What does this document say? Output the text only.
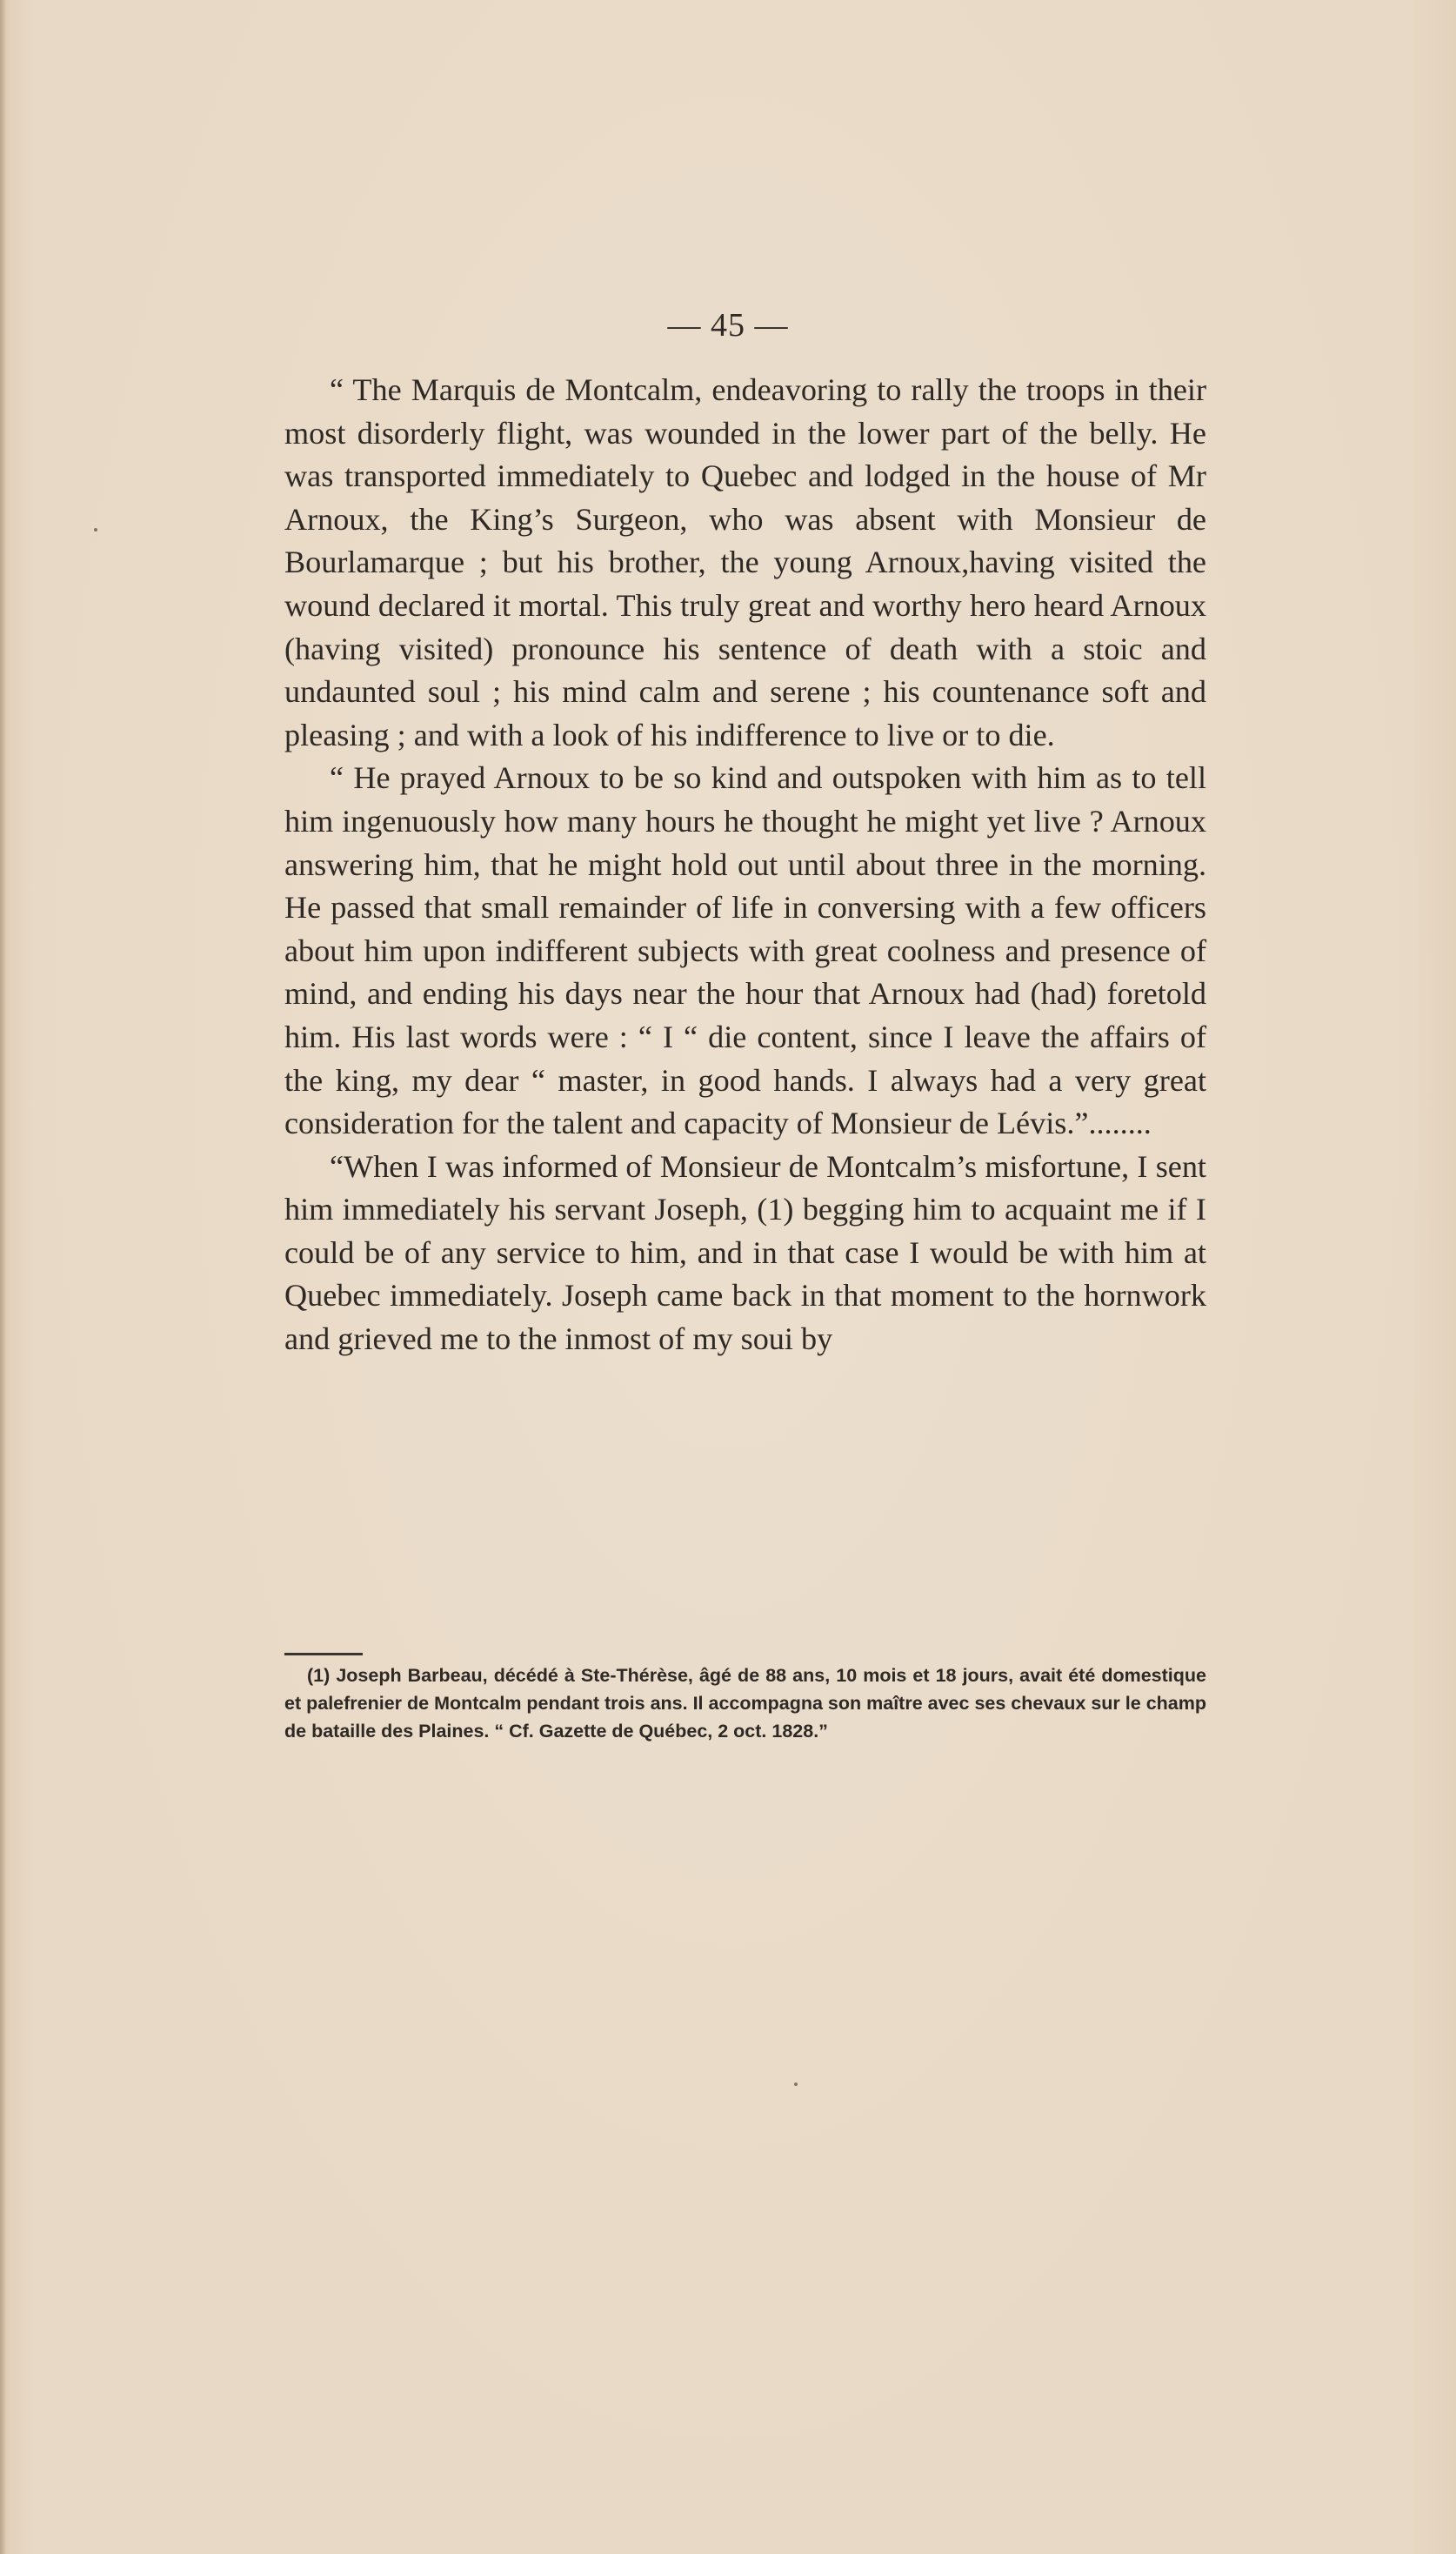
— 45 —

“ The Marquis de Montcalm, endeavoring to rally the troops in their most disorderly flight, was wounded in the lower part of the belly. He was transported immediately to Quebec and lodged in the house of Mr Arnoux, the King’s Surgeon, who was absent with Monsieur de Bourlamarque ; but his brother, the young Arnoux,having visited the wound declared it mortal. This truly great and worthy hero heard Arnoux (having visited) pronounce his sentence of death with a stoic and undaunted soul ; his mind calm and serene ; his countenance soft and pleasing ; and with a look of his indifference to live or to die.

“ He prayed Arnoux to be so kind and outspoken with him as to tell him ingenuously how many hours he thought he might yet live ? Arnoux answering him, that he might hold out until about three in the morning. He passed that small remainder of life in conversing with a few officers about him upon indifferent subjects with great coolness and presence of mind, and ending his days near the hour that Arnoux had (had) foretold him. His last words were : “ I “ die content, since I leave the affairs of the king, my dear “ master, in good hands. I always had a very great consideration for the talent and capacity of Monsieur de Lévis.”........

“When I was informed of Monsieur de Montcalm’s misfortune, I sent him immediately his servant Joseph, (1) begging him to acquaint me if I could be of any service to him, and in that case I would be with him at Quebec immediately. Joseph came back in that moment to the hornwork and grieved me to the inmost of my soui by

(1) Joseph Barbeau, décédé à Ste-Thérèse, âgé de 88 ans, 10 mois et 18 jours, avait été domestique et palefrenier de Montcalm pendant trois ans. Il accompagna son maître avec ses chevaux sur le champ de bataille des Plaines. “ Cf. Gazette de Québec, 2 oct. 1828.”
